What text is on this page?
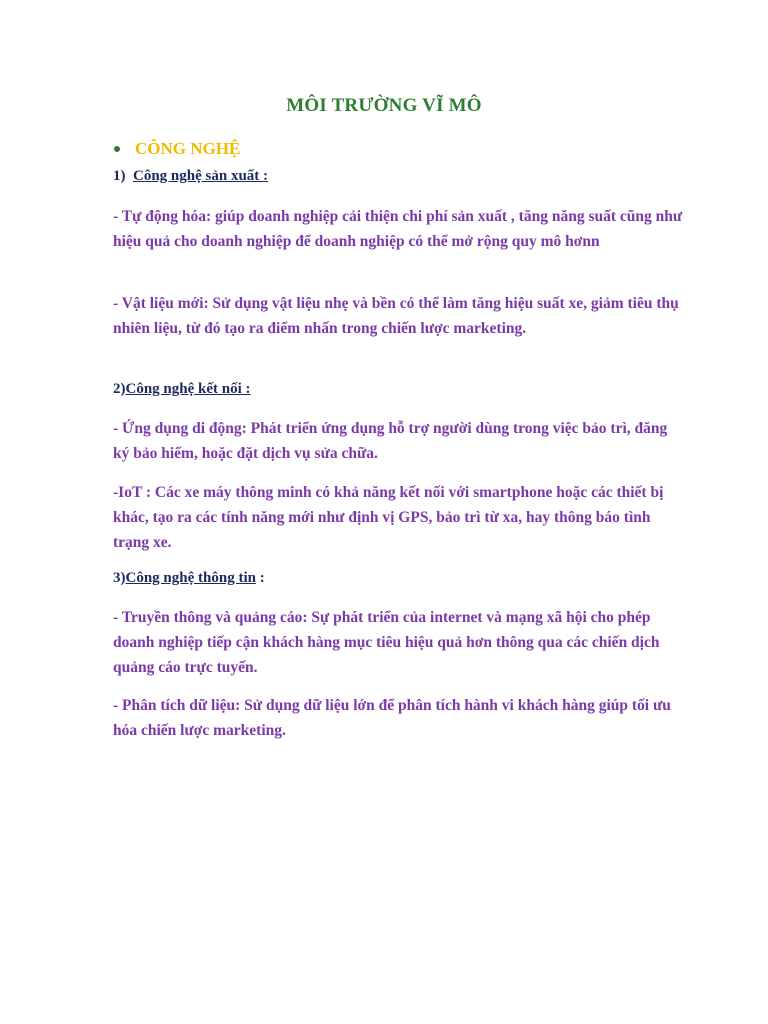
MÔI TRƯỜNG VĨ MÔ
CÔNG NGHỆ
1)  Công nghệ sản xuất :
- Tự động hóa: giúp doanh nghiệp cải thiện chi phí sản xuất , tăng năng suất cũng như hiệu quả cho doanh nghiệp để doanh nghiệp có thể mở rộng quy mô hơnn
- Vật liệu mới: Sử dụng vật liệu nhẹ và bền có thể làm tăng hiệu suất xe, giảm tiêu thụ nhiên liệu, từ đó tạo ra điểm nhấn trong chiến lược marketing.
2)Công nghệ kết nối :
- Ứng dụng di động: Phát triển ứng dụng hỗ trợ người dùng trong việc bảo trì, đăng ký bảo hiểm, hoặc đặt dịch vụ sửa chữa.
-IoT : Các xe máy thông minh có khả năng kết nối với smartphone hoặc các thiết bị khác, tạo ra các tính năng mới như định vị GPS, bảo trì từ xa, hay thông báo tình trạng xe.
3)Công nghệ thông tin :
- Truyền thông và quảng cáo: Sự phát triển của internet và mạng xã hội cho phép doanh nghiệp tiếp cận khách hàng mục tiêu hiệu quả hơn thông qua các chiến dịch quảng cáo trực tuyến.
- Phân tích dữ liệu: Sử dụng dữ liệu lớn để phân tích hành vi khách hàng giúp tối ưu hóa chiến lược marketing.
